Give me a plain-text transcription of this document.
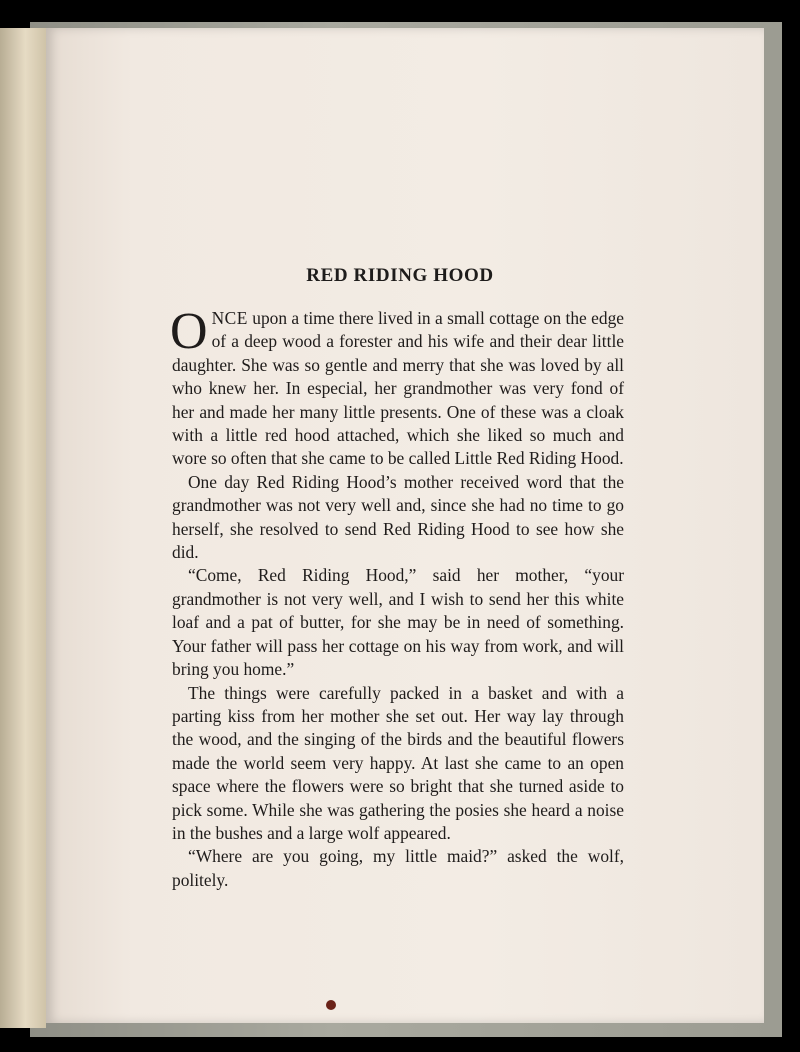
RED RIDING HOOD

ONCE upon a time there lived in a small cottage on the edge of a deep wood a forester and his wife and their dear little daughter. She was so gentle and merry that she was loved by all who knew her. In especial, her grandmother was very fond of her and made her many little presents. One of these was a cloak with a little red hood attached, which she liked so much and wore so often that she came to be called Little Red Riding Hood.

One day Red Riding Hood’s mother received word that the grandmother was not very well and, since she had no time to go herself, she resolved to send Red Riding Hood to see how she did.

“Come, Red Riding Hood,” said her mother, “your grandmother is not very well, and I wish to send her this white loaf and a pat of butter, for she may be in need of something. Your father will pass her cottage on his way from work, and will bring you home.”

The things were carefully packed in a basket and with a parting kiss from her mother she set out. Her way lay through the wood, and the singing of the birds and the beautiful flowers made the world seem very happy. At last she came to an open space where the flowers were so bright that she turned aside to pick some. While she was gathering the posies she heard a noise in the bushes and a large wolf appeared.

“Where are you going, my little maid?” asked the wolf, politely.
